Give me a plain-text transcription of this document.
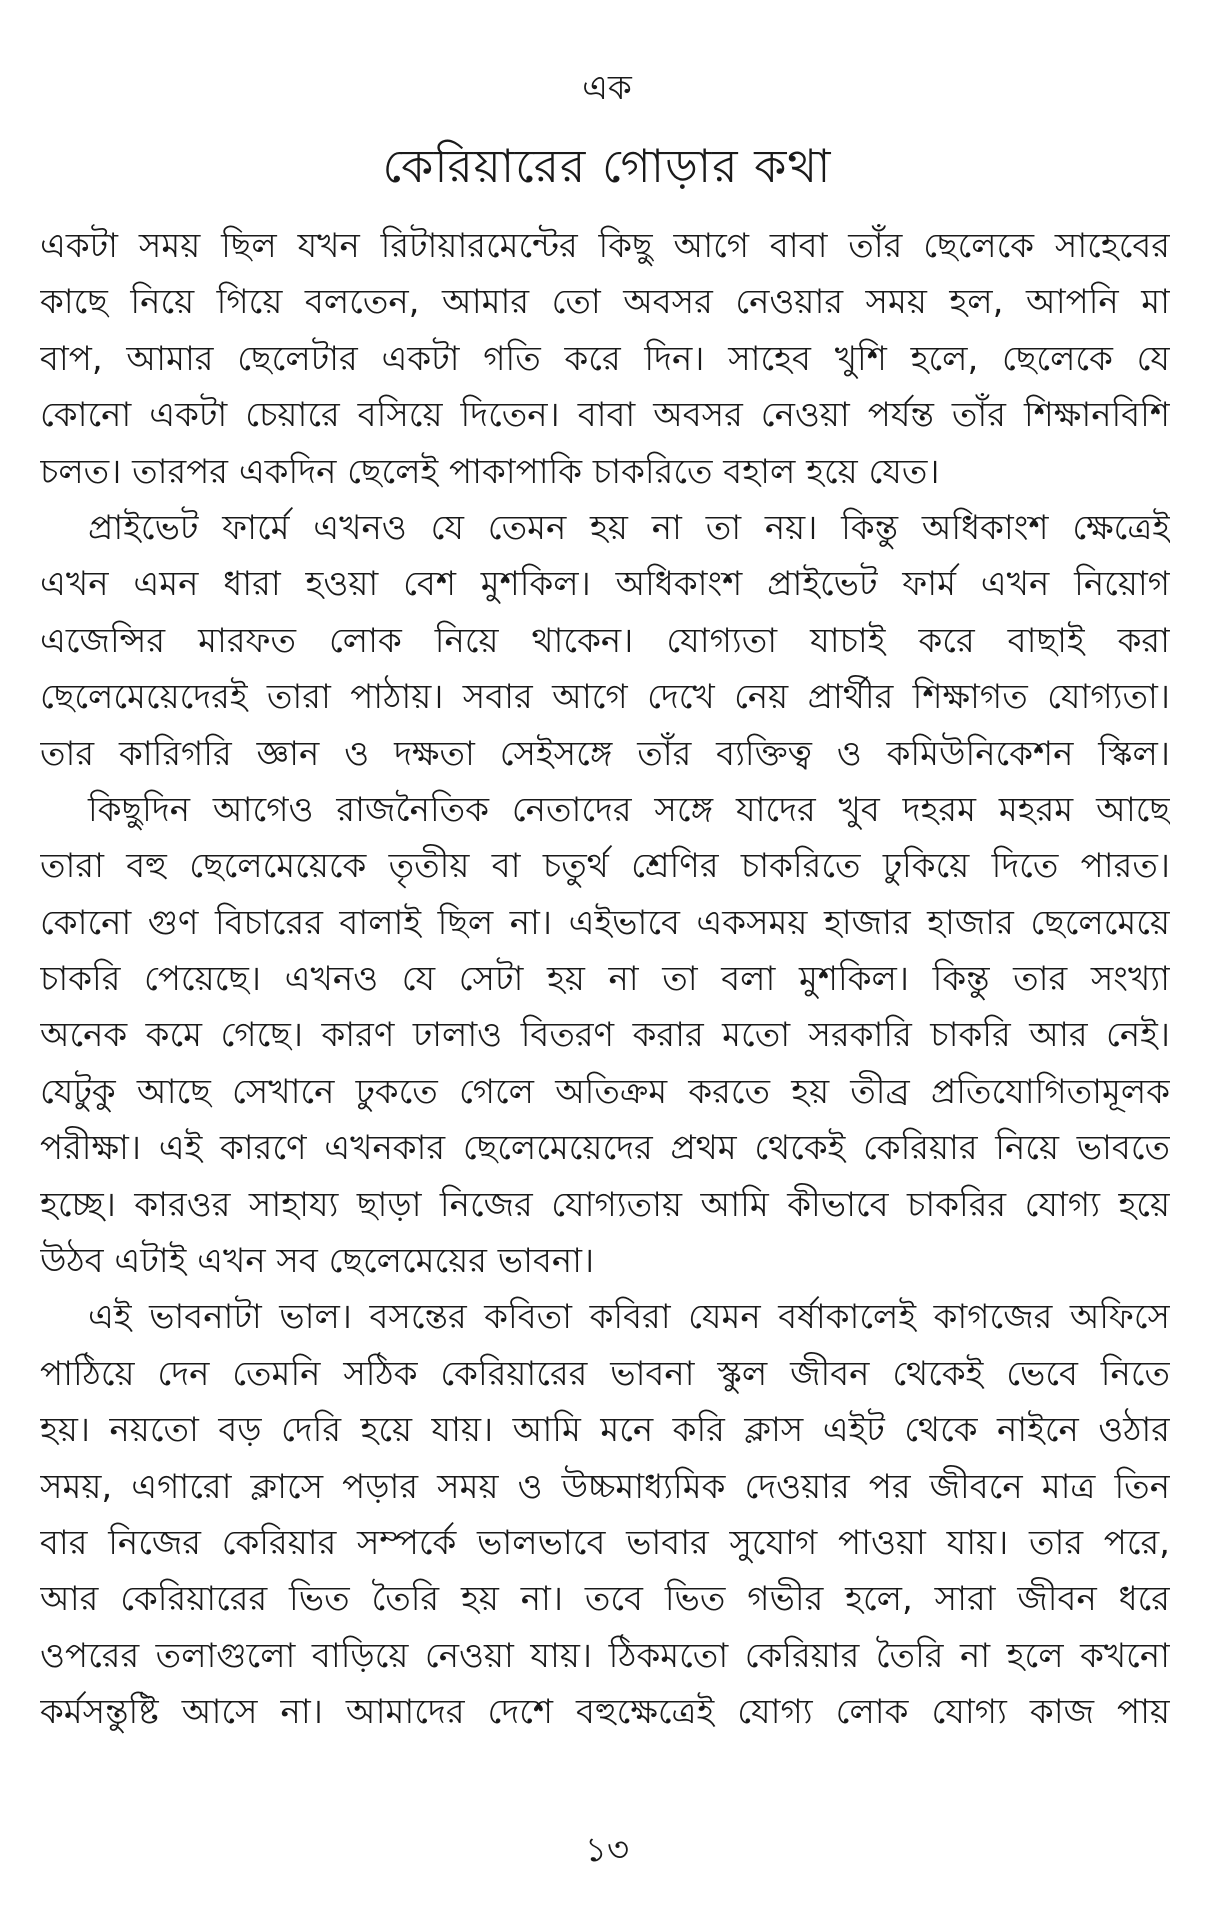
এক
কেরিয়ারের গোড়ার কথা
একটা সময় ছিল যখন রিটায়ারমেন্টের কিছু আগে বাবা তাঁর ছেলেকে সাহেবের
কাছে নিয়ে গিয়ে বলতেন, আমার তো অবসর নেওয়ার সময় হল, আপনি মা
বাপ, আমার ছেলেটার একটা গতি করে দিন। সাহেব খুশি হলে, ছেলেকে যে
কোনো একটা চেয়ারে বসিয়ে দিতেন। বাবা অবসর নেওয়া পর্যন্ত তাঁর শিক্ষানবিশি
চলত। তারপর একদিন ছেলেই পাকাপাকি চাকরিতে বহাল হয়ে যেত।
প্রাইভেট ফার্মে এখনও যে তেমন হয় না তা নয়। কিন্তু অধিকাংশ ক্ষেত্রেই
এখন এমন ধারা হওয়া বেশ মুশকিল। অধিকাংশ প্রাইভেট ফার্ম এখন নিয়োগ
এজেন্সির মারফত লোক নিয়ে থাকেন। যোগ্যতা যাচাই করে বাছাই করা
ছেলেমেয়েদেরই তারা পাঠায়। সবার আগে দেখে নেয় প্রার্থীর শিক্ষাগত যোগ্যতা।
তার কারিগরি জ্ঞান ও দক্ষতা সেইসঙ্গে তাঁর ব্যক্তিত্ব ও কমিউনিকেশন স্কিল।
কিছুদিন আগেও রাজনৈতিক নেতাদের সঙ্গে যাদের খুব দহরম মহরম আছে
তারা বহু ছেলেমেয়েকে তৃতীয় বা চতুর্থ শ্রেণির চাকরিতে ঢুকিয়ে দিতে পারত।
কোনো গুণ বিচারের বালাই ছিল না। এইভাবে একসময় হাজার হাজার ছেলেমেয়ে
চাকরি পেয়েছে। এখনও যে সেটা হয় না তা বলা মুশকিল। কিন্তু তার সংখ্যা
অনেক কমে গেছে। কারণ ঢালাও বিতরণ করার মতো সরকারি চাকরি আর নেই।
যেটুকু আছে সেখানে ঢুকতে গেলে অতিক্রম করতে হয় তীব্র প্রতিযোগিতামূলক
পরীক্ষা। এই কারণে এখনকার ছেলেমেয়েদের প্রথম থেকেই কেরিয়ার নিয়ে ভাবতে
হচ্ছে। কারওর সাহায্য ছাড়া নিজের যোগ্যতায় আমি কীভাবে চাকরির যোগ্য হয়ে
উঠব এটাই এখন সব ছেলেমেয়ের ভাবনা।
এই ভাবনাটা ভাল। বসন্তের কবিতা কবিরা যেমন বর্ষাকালেই কাগজের অফিসে
পাঠিয়ে দেন তেমনি সঠিক কেরিয়ারের ভাবনা স্কুল জীবন থেকেই ভেবে নিতে
হয়। নয়তো বড় দেরি হয়ে যায়। আমি মনে করি ক্লাস এইট থেকে নাইনে ওঠার
সময়, এগারো ক্লাসে পড়ার সময় ও উচ্চমাধ্যমিক দেওয়ার পর জীবনে মাত্র তিন
বার নিজের কেরিয়ার সম্পর্কে ভালভাবে ভাবার সুযোগ পাওয়া যায়। তার পরে,
আর কেরিয়ারের ভিত তৈরি হয় না। তবে ভিত গভীর হলে, সারা জীবন ধরে
ওপরের তলাগুলো বাড়িয়ে নেওয়া যায়। ঠিকমতো কেরিয়ার তৈরি না হলে কখনো
কর্মসন্তুষ্টি আসে না। আমাদের দেশে বহুক্ষেত্রেই যোগ্য লোক যোগ্য কাজ পায়
১৩
